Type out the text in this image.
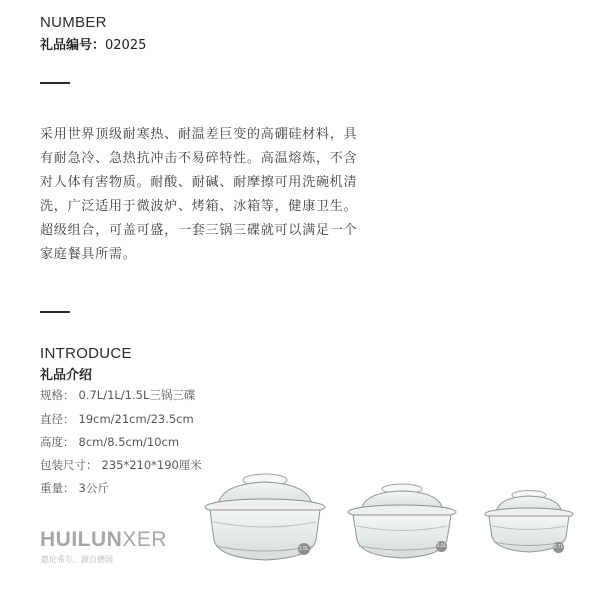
NUMBER
礼品编号：02025
采用世界顶级耐寒热、耐温差巨变的高硼硅材料，具
有耐急冷、急热抗冲击不易碎特性。高温熔炼，不含
对人体有害物质。耐酸、耐碱、耐摩擦可用洗碗机清
洗，广泛适用于微波炉、烤箱、冰箱等，健康卫生。
超级组合，可盖可盛，一套三锅三碟就可以满足一个
家庭餐具所需。
INTRODUCE
礼品介绍
规格： 0.7L/1L/1.5L三锅三碟
直径： 19cm/21cm/23.5cm
高度： 8cm/8.5cm/10cm
包装尺寸： 235*210*190厘米
重量： 3公斤
HUILUNXER
惠伦希尔，源自德国
1.5L	1.0L	0.7L
